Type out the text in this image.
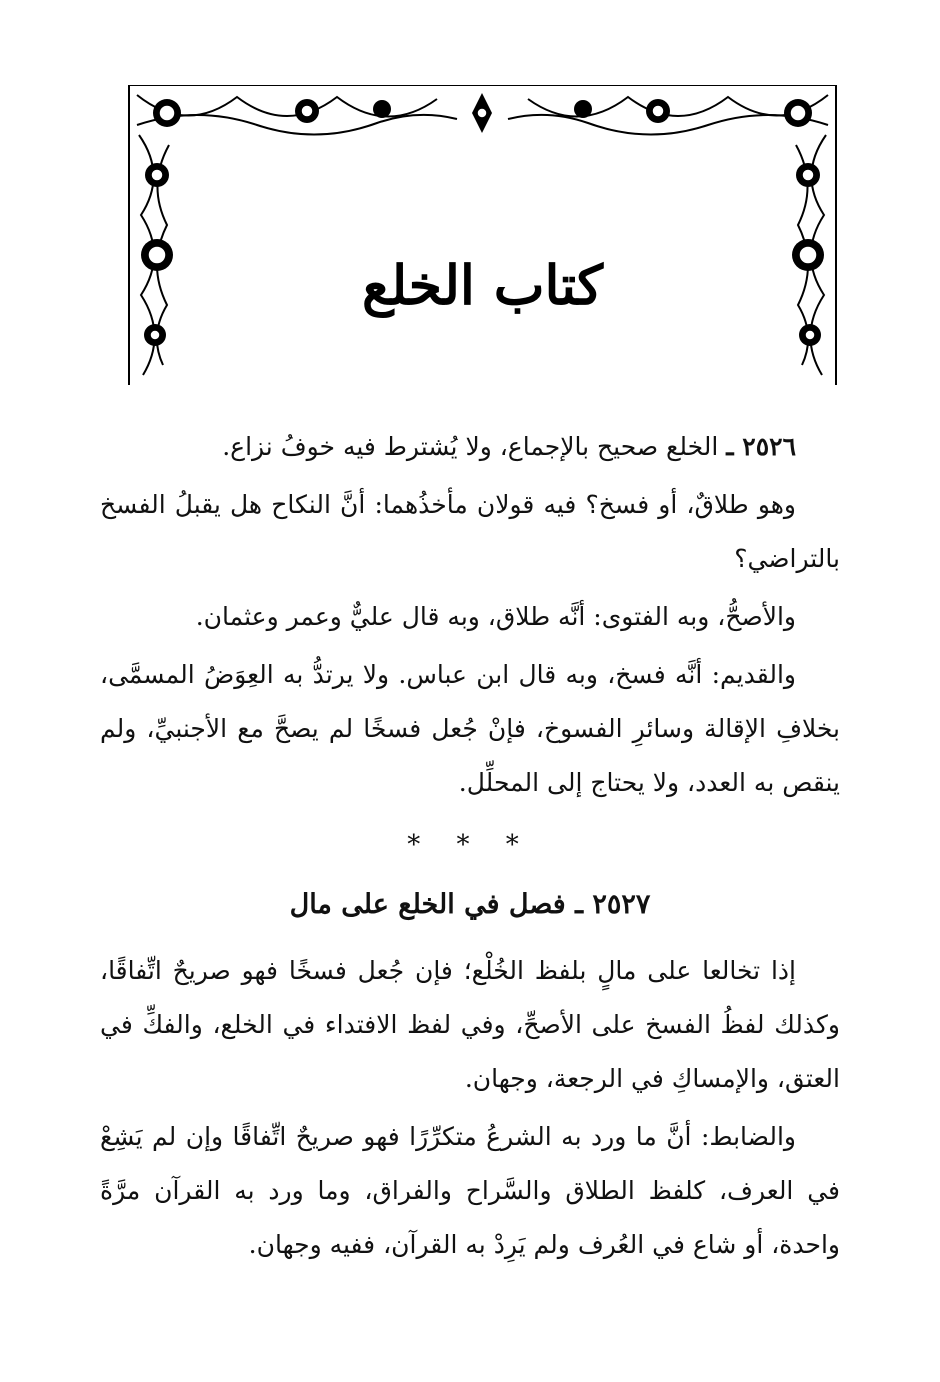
كتاب الخلع

٢٥٢٦ ـ الخلع صحيح بالإجماع، ولا يُشترط فيه خوفُ نزاع.

وهو طلاقٌ، أو فسخ؟ فيه قولان مأخذُهما: أنَّ النكاح هل يقبلُ الفسخ بالتراضي؟

والأصحُّ، وبه الفتوى: أنَّه طلاق، وبه قال عليٌّ وعمر وعثمان.

والقديم: أنَّه فسخ، وبه قال ابن عباس. ولا يرتدُّ به العِوَضُ المسمَّى، بخلافِ الإقالة وسائرِ الفسوخ، فإنْ جُعل فسخًا لم يصحَّ مع الأجنبيِّ، ولم ينقص به العدد، ولا يحتاج إلى المحلِّل.

* * *
٢٥٢٧ ـ فصل في الخلع على مال

إذا تخالعا على مالٍ بلفظ الخُلْع؛ فإن جُعل فسخًا فهو صريحٌ اتِّفاقًا، وكذلك لفظُ الفسخ على الأصحِّ، وفي لفظ الافتداء في الخلع، والفكِّ في العتق، والإمساكِ في الرجعة، وجهان.

والضابط: أنَّ ما ورد به الشرعُ متكرِّرًا فهو صريحٌ اتِّفاقًا وإن لم يَشِعْ في العرف، كلفظ الطلاق والسَّراح والفراق، وما ورد به القرآن مرَّةً واحدة، أو شاع في العُرف ولم يَرِدْ به القرآن، ففيه وجهان.
